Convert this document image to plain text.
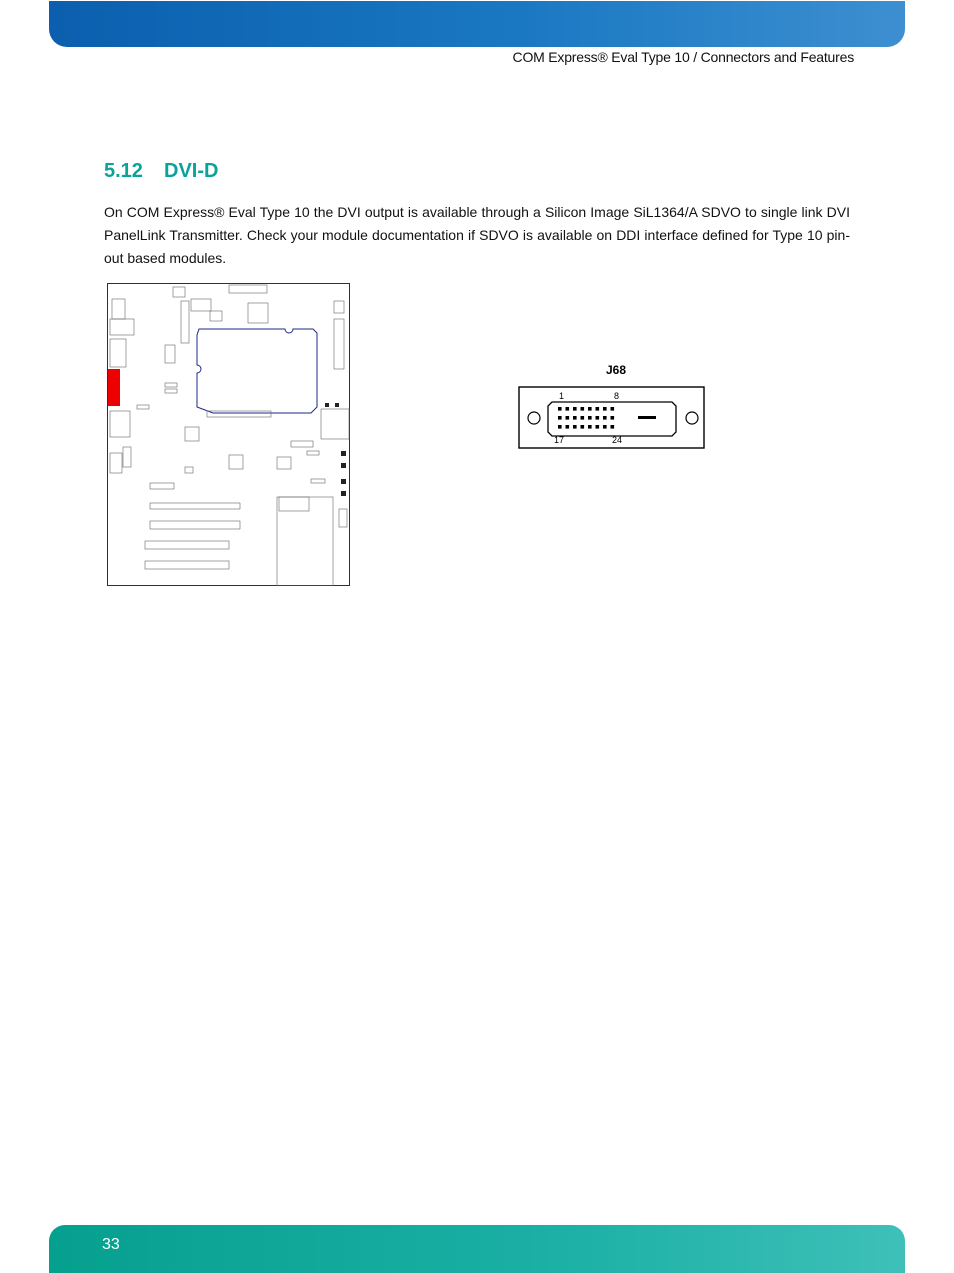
COM Express® Eval Type 10 / Connectors and Features
5.12 DVI-D
On COM Express® Eval Type 10 the DVI output is available through a Silicon Image SiL1364/A SDVO to single link DVI PanelLink Transmitter. Check your module documentation if SDVO is available on DDI interface defined for Type 10 pin-out based modules.
J68
1	8
17	24
33
